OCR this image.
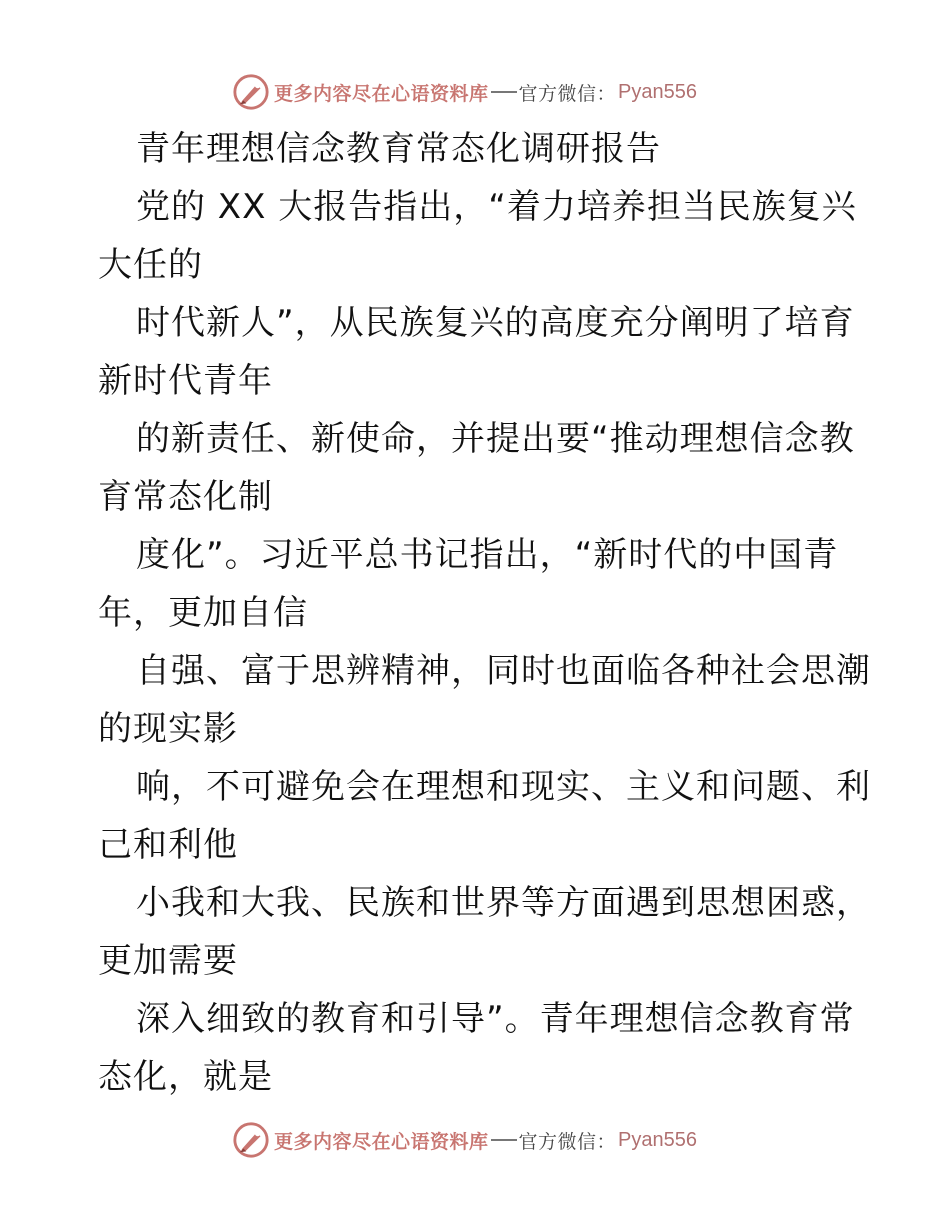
更多内容尽在心语资料库 官方微信： Pyan556
青年理想信念教育常态化调研报告
党的 XX 大报告指出，“着力培养担当民族复兴
大任的
时代新人”，从民族复兴的高度充分阐明了培育
新时代青年
的新责任、新使命，并提出要“推动理想信念教
育常态化制
度化”。习近平总书记指出，“新时代的中国青
年，更加自信
自强、富于思辨精神，同时也面临各种社会思潮
的现实影
响，不可避免会在理想和现实、主义和问题、利
己和利他
小我和大我、民族和世界等方面遇到思想困惑，
更加需要
深入细致的教育和引导”。青年理想信念教育常
态化，就是
更多内容尽在心语资料库 官方微信： Pyan556
